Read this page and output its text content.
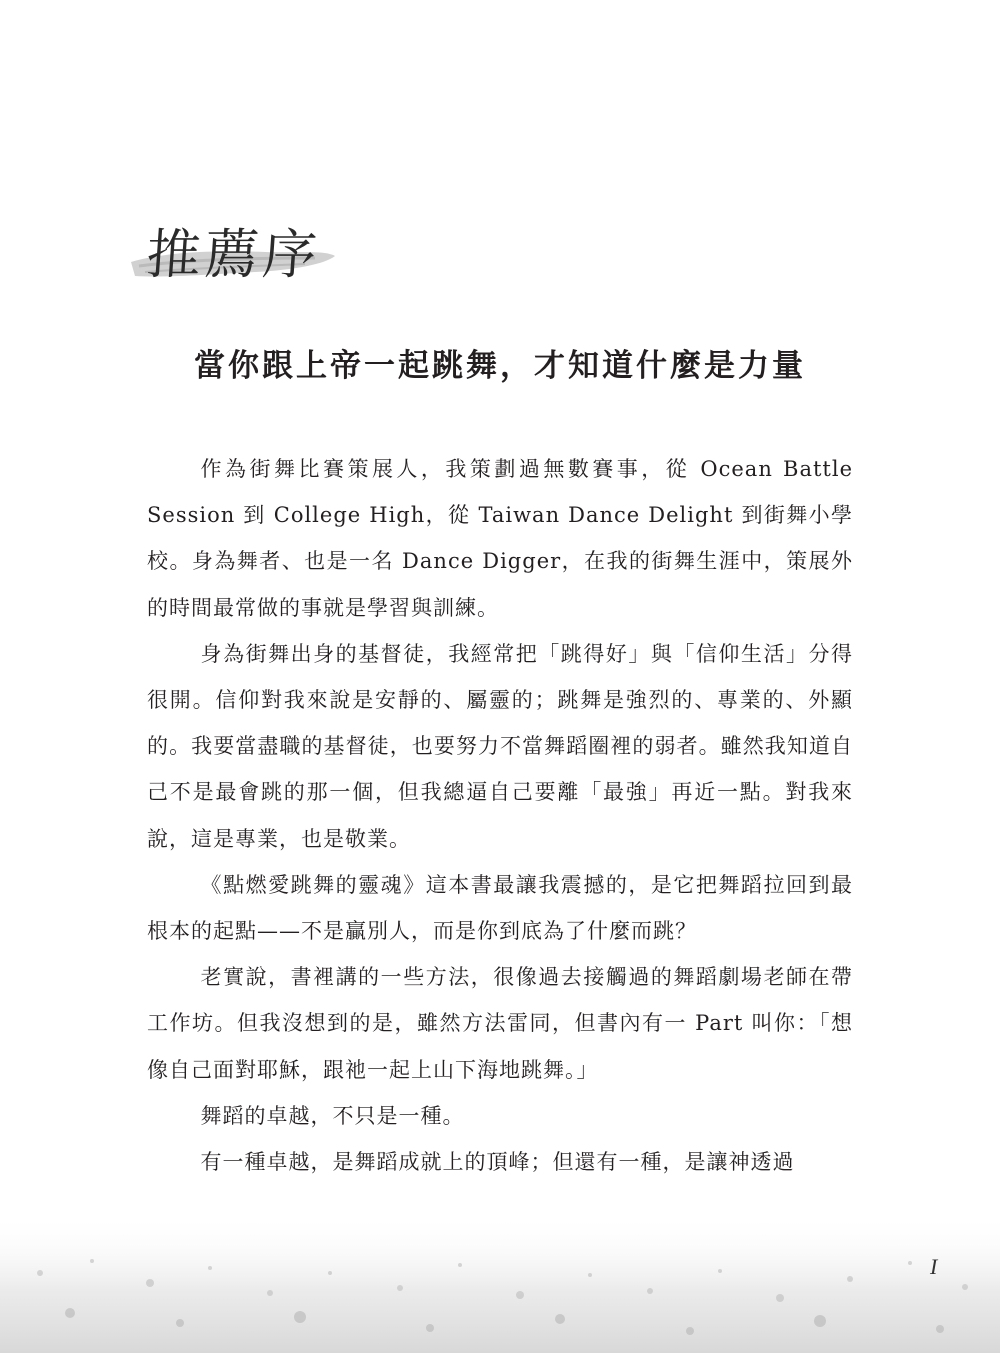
推薦序
當你跟上帝一起跳舞，才知道什麼是力量

作為街舞比賽策展人，我策劃過無數賽事，從 Ocean Battle Session 到 College High，從 Taiwan Dance Delight 到街舞小學校。身為舞者、也是一名 Dance Digger，在我的街舞生涯中，策展外的時間最常做的事就是學習與訓練。

身為街舞出身的基督徒，我經常把「跳得好」與「信仰生活」分得很開。信仰對我來說是安靜的、屬靈的；跳舞是強烈的、專業的、外顯的。我要當盡職的基督徒，也要努力不當舞蹈圈裡的弱者。雖然我知道自己不是最會跳的那一個，但我總逼自己要離「最強」再近一點。對我來說，這是專業，也是敬業。

《點燃愛跳舞的靈魂》這本書最讓我震撼的，是它把舞蹈拉回到最根本的起點——不是贏別人，而是你到底為了什麼而跳？

老實說，書裡講的一些方法，很像過去接觸過的舞蹈劇場老師在帶工作坊。但我沒想到的是，雖然方法雷同，但書內有一 Part 叫你：「想像自己面對耶穌，跟祂一起上山下海地跳舞。」

舞蹈的卓越，不只是一種。

有一種卓越，是舞蹈成就上的頂峰；但還有一種，是讓神透過

I
